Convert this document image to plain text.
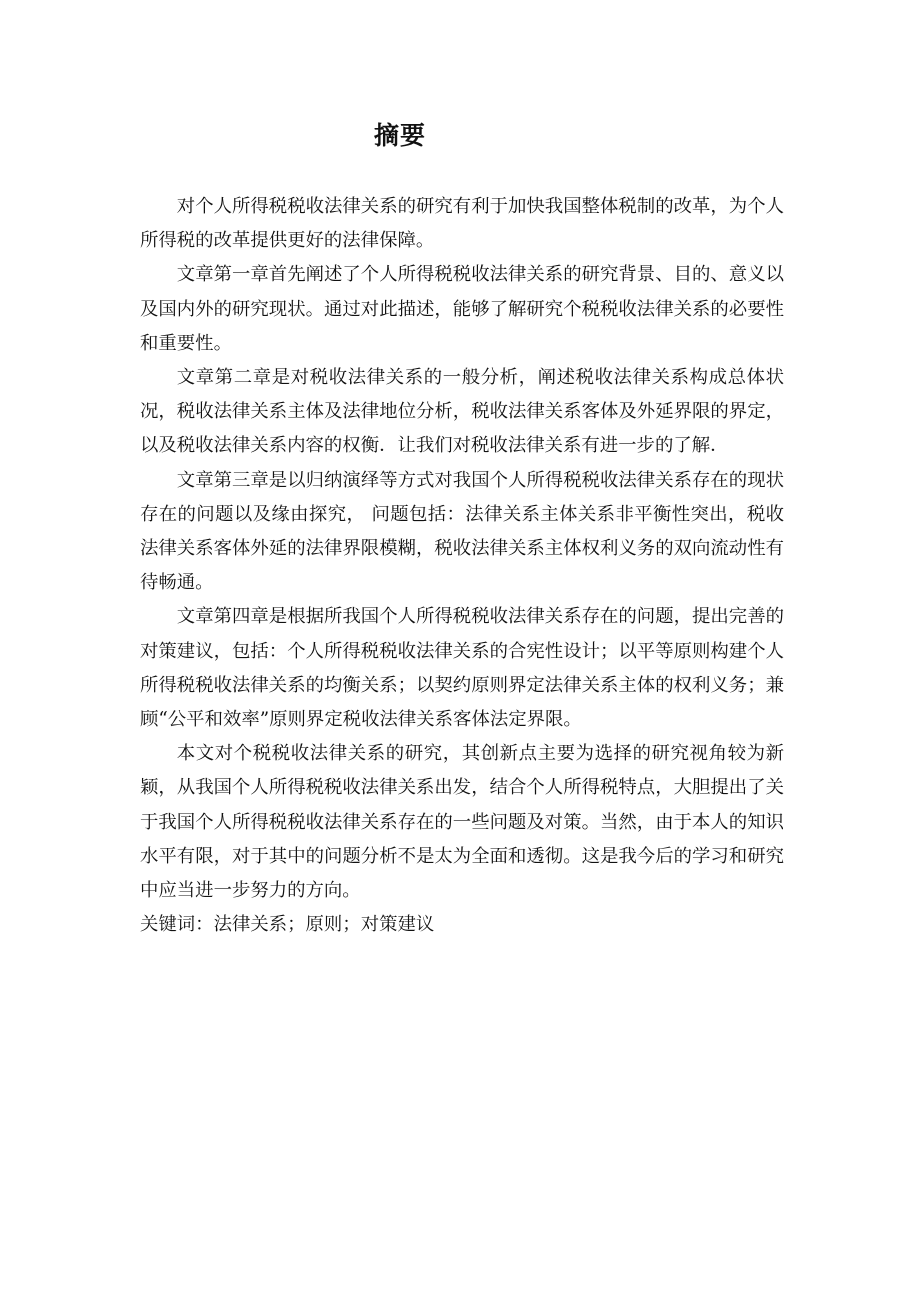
摘要

对个人所得税税收法律关系的研究有利于加快我国整体税制的改革，为个人所得税的改革提供更好的法律保障。

文章第一章首先阐述了个人所得税税收法律关系的研究背景、目的、意义以及国内外的研究现状。通过对此描述，能够了解研究个税税收法律关系的必要性和重要性。

文章第二章是对税收法律关系的一般分析，阐述税收法律关系构成总体状况，税收法律关系主体及法律地位分析，税收法律关系客体及外延界限的界定，以及税收法律关系内容的权衡．让我们对税收法律关系有进一步的了解．

文章第三章是以归纳演绎等方式对我国个人所得税税收法律关系存在的现状存在的问题以及缘由探究， 问题包括：法律关系主体关系非平衡性突出，税收法律关系客体外延的法律界限模糊，税收法律关系主体权利义务的双向流动性有待畅通。

文章第四章是根据所我国个人所得税税收法律关系存在的问题，提出完善的对策建议，包括：个人所得税税收法律关系的合宪性设计；以平等原则构建个人所得税税收法律关系的均衡关系；以契约原则界定法律关系主体的权利义务；兼顾“公平和效率”原则界定税收法律关系客体法定界限。

本文对个税税收法律关系的研究，其创新点主要为选择的研究视角较为新颖，从我国个人所得税税收法律关系出发，结合个人所得税特点，大胆提出了关于我国个人所得税税收法律关系存在的一些问题及对策。当然，由于本人的知识水平有限，对于其中的问题分析不是太为全面和透彻。这是我今后的学习和研究中应当进一步努力的方向。

关键词：法律关系；原则；对策建议
